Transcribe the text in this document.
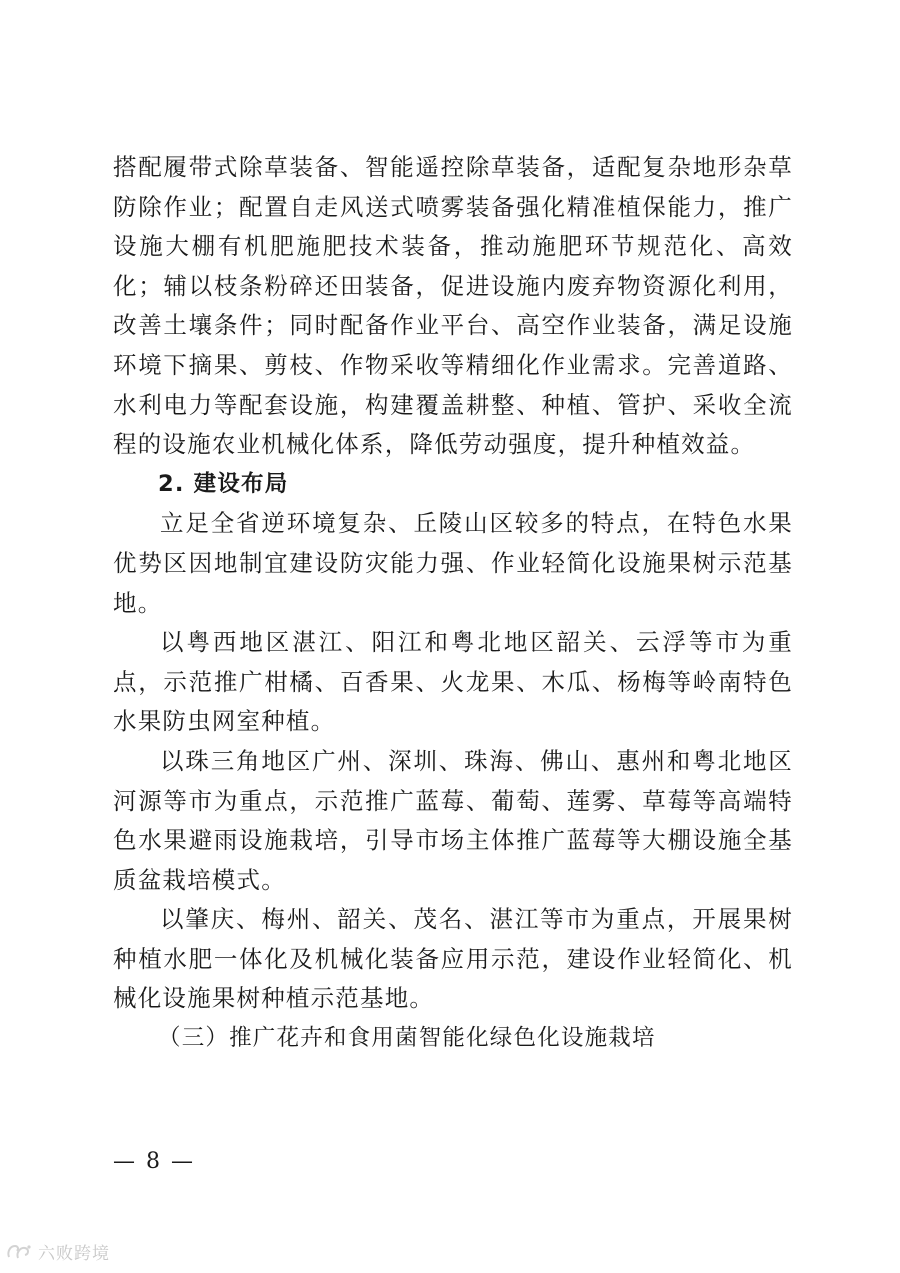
搭配履带式除草装备、智能遥控除草装备，适配复杂地形杂草防除作业；配置自走风送式喷雾装备强化精准植保能力，推广设施大棚有机肥施肥技术装备，推动施肥环节规范化、高效化；辅以枝条粉碎还田装备，促进设施内废弃物资源化利用，改善土壤条件；同时配备作业平台、高空作业装备，满足设施环境下摘果、剪枝、作物采收等精细化作业需求。完善道路、水利电力等配套设施，构建覆盖耕整、种植、管护、采收全流程的设施农业机械化体系，降低劳动强度，提升种植效益。

2. 建设布局

立足全省逆环境复杂、丘陵山区较多的特点，在特色水果优势区因地制宜建设防灾能力强、作业轻简化设施果树示范基地。

以粤西地区湛江、阳江和粤北地区韶关、云浮等市为重点，示范推广柑橘、百香果、火龙果、木瓜、杨梅等岭南特色水果防虫网室种植。

以珠三角地区广州、深圳、珠海、佛山、惠州和粤北地区河源等市为重点，示范推广蓝莓、葡萄、莲雾、草莓等高端特色水果避雨设施栽培，引导市场主体推广蓝莓等大棚设施全基质盆栽培模式。

以肇庆、梅州、韶关、茂名、湛江等市为重点，开展果树种植水肥一体化及机械化装备应用示范，建设作业轻简化、机械化设施果树种植示范基地。

（三）推广花卉和食用菌智能化绿色化设施栽培

— 8 —
六败跨境
